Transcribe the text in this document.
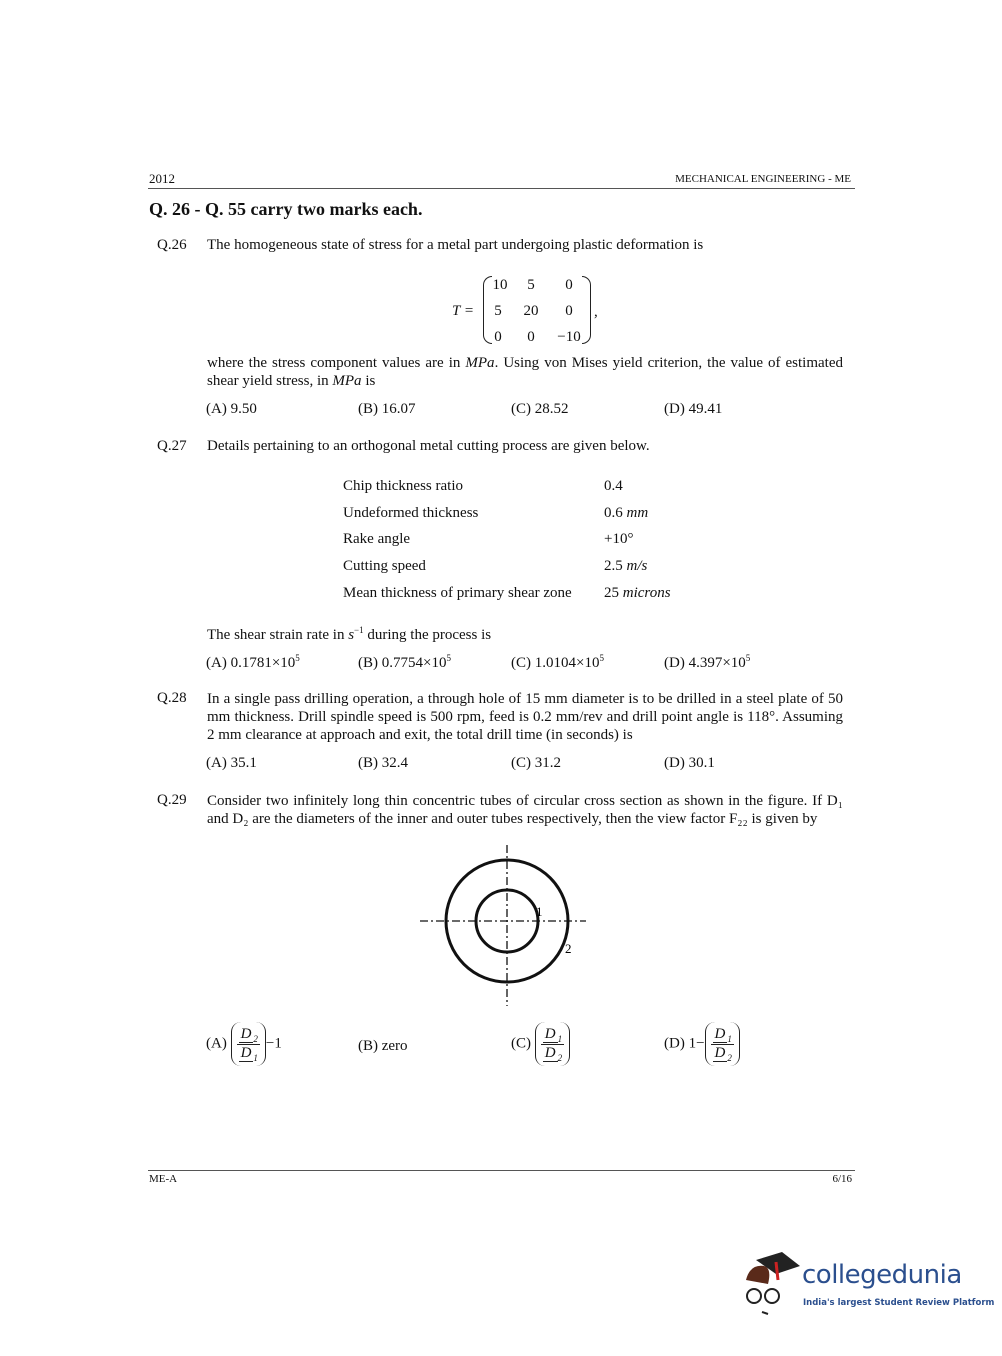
2012	MECHANICAL ENGINEERING - ME
Q. 26 - Q. 55 carry two marks each.
Q.26 The homogeneous state of stress for a metal part undergoing plastic deformation is
T =
10	5	0
5	20	0
0	0	−10
,
where the stress component values are in MPa. Using von Mises yield criterion, the value of estimated shear yield stress, in MPa is
(A) 9.50	(B) 16.07	(C) 28.52	(D) 49.41
Q.27 Details pertaining to an orthogonal metal cutting process are given below.
Chip thickness ratio	0.4
Undeformed thickness	0.6 mm
Rake angle	+10°
Cutting speed	2.5 m/s
Mean thickness of primary shear zone 25 microns
The shear strain rate in $s^{-1}$ during the process is
(A) $0.1781\times 10^5$	(B) $0.7754\times 10^5$	(C) $1.0104\times 10^5$	(D) $4.397\times 10^5$
Q.28 In a single pass drilling operation, a through hole of 15 mm diameter is to be drilled in a steel plate of 50 mm thickness. Drill spindle speed is 500 rpm, feed is 0.2 mm/rev and drill point angle is 118°. Assuming 2 mm clearance at approach and exit, the total drill time (in seconds) is
(A) 35.1	(B) 32.4	(C) 31.2	(D) 30.1
Q.29 Consider two infinitely long thin concentric tubes of circular cross section as shown in the figure. If D₁ and D₂ are the diameters of the inner and outer tubes respectively, then the view factor F₂₂ is given by
1
2
$(A) \frac{D _2}{D _1} -1$	(B) zero	$(C) \frac{D _1}{D _2}$	(D) $1- \frac{D _1}{D _2}$
ME-A	6/16
collegedunia
India's largest Student Review Platform
